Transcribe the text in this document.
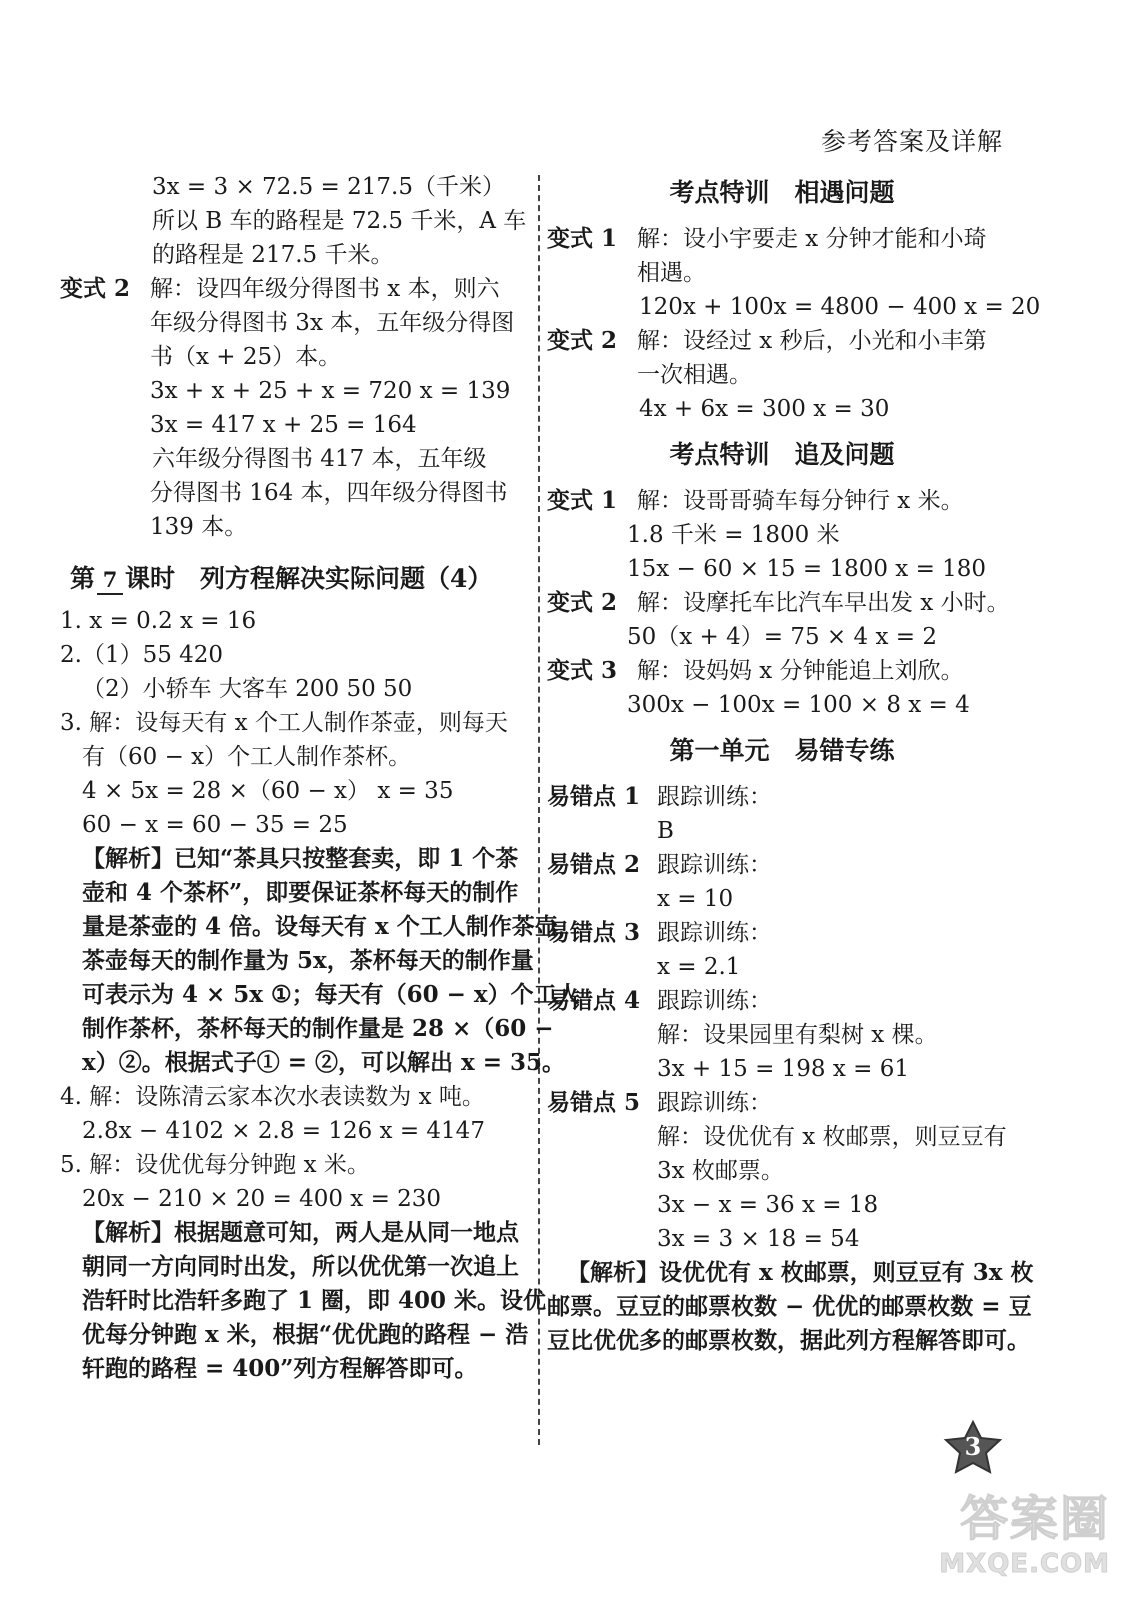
参考答案及详解
3x = 3 × 72.5 = 217.5（千米）
所以 B 车的路程是 72.5 千米，A 车
的路程是 217.5 千米。
变式 2 解：设四年级分得图书 x 本，则六
年级分得图书 3x 本，五年级分得图
书（x + 25）本。
3x + x + 25 + x = 720 x = 139
3x = 417 x + 25 = 164
六年级分得图书 417 本，五年级
分得图书 164 本，四年级分得图书
139 本。
第 7 课时　列方程解决实际问题（4）
1. x = 0.2 x = 16
2.（1）55 420
（2）小轿车 大客车 200 50 50
3. 解：设每天有 x 个工人制作茶壶，则每天
有（60 − x）个工人制作茶杯。
4 × 5x = 28 ×（60 − x） x = 35
60 − x = 60 − 35 = 25
【解析】已知“茶具只按整套卖，即 1 个茶
壶和 4 个茶杯”，即要保证茶杯每天的制作
量是茶壶的 4 倍。设每天有 x 个工人制作茶壶，
茶壶每天的制作量为 5x，茶杯每天的制作量
可表示为 4 × 5x ①；每天有（60 − x）个工人
制作茶杯，茶杯每天的制作量是 28 ×（60 −
x）②。根据式子① = ②，可以解出 x = 35。
4. 解：设陈清云家本次水表读数为 x 吨。
2.8x − 4102 × 2.8 = 126 x = 4147
5. 解：设优优每分钟跑 x 米。
20x − 210 × 20 = 400 x = 230
【解析】根据题意可知，两人是从同一地点
朝同一方向同时出发，所以优优第一次追上
浩轩时比浩轩多跑了 1 圈，即 400 米。设优
优每分钟跑 x 米，根据“优优跑的路程 − 浩
轩跑的路程 = 400”列方程解答即可。
考点特训　相遇问题
变式 1 解：设小宇要走 x 分钟才能和小琦
相遇。
120x + 100x = 4800 − 400 x = 20
变式 2 解：设经过 x 秒后，小光和小丰第
一次相遇。
4x + 6x = 300 x = 30
考点特训　追及问题
变式 1 解：设哥哥骑车每分钟行 x 米。
1.8 千米 = 1800 米
15x − 60 × 15 = 1800 x = 180
变式 2 解：设摩托车比汽车早出发 x 小时。
50（x + 4）= 75 × 4 x = 2
变式 3 解：设妈妈 x 分钟能追上刘欣。
300x − 100x = 100 × 8 x = 4
第一单元　易错专练
易错点 1 跟踪训练：
B
易错点 2 跟踪训练：
x = 10
易错点 3 跟踪训练：
x = 2.1
易错点 4 跟踪训练：
解：设果园里有梨树 x 棵。
3x + 15 = 198 x = 61
易错点 5 跟踪训练：
解：设优优有 x 枚邮票，则豆豆有
3x 枚邮票。
3x − x = 36 x = 18
3x = 3 × 18 = 54
【解析】设优优有 x 枚邮票，则豆豆有 3x 枚
邮票。豆豆的邮票枚数 − 优优的邮票枚数 = 豆
豆比优优多的邮票枚数，据此列方程解答即可。
3
答案圈
MXQE.COM
